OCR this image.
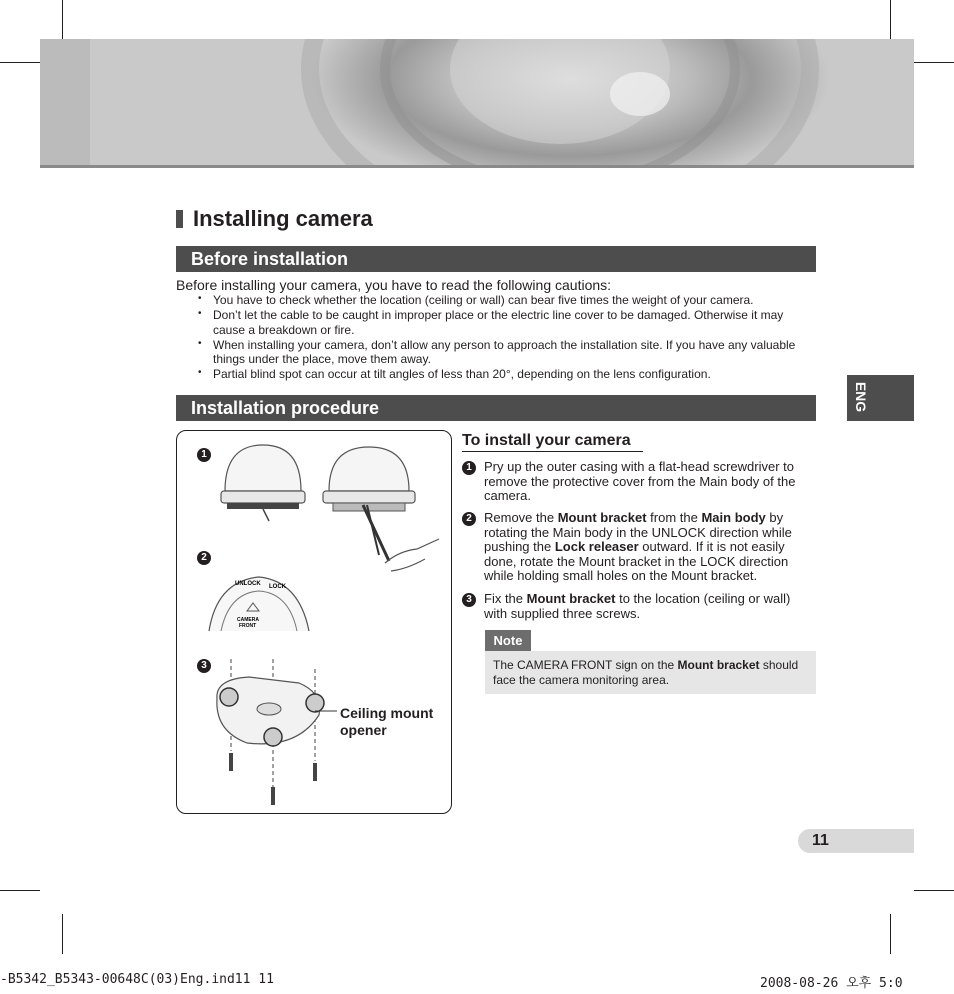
Installing camera
Before installation
Before installing your camera, you have to read the following cautions:
• You have to check whether the location (ceiling or wall) can bear five times the weight of your camera.
• Don’t let the cable to be caught in improper place or the electric line cover to be damaged. Otherwise it may cause a breakdown or fire.
• When installing your camera, don’t allow any person to approach the installation site. If you have any valuable things under the place, move them away.
• Partial blind spot can occur at tilt angles of less than 20°, depending on the lens configuration.
ENG
Installation procedure
1
2
3
UNLOCK LOCK
CAMERA
FRONT
Ceiling mount opener
To install your camera
1 Pry up the outer casing with a flat-head screwdriver to remove the protective cover from the Main body of the camera.
2 Remove the Mount bracket from the Main body by rotating the Main body in the UNLOCK direction while pushing the Lock releaser outward. If it is not easily done, rotate the Mount bracket in the LOCK direction while holding small holes on the Mount bracket.
3 Fix the Mount bracket to the location (ceiling or wall) with supplied three screws.
Note
The CAMERA FRONT sign on the Mount bracket should face the camera monitoring area.
11
-B5342_B5343-00648C(03)Eng.ind11 11	2008-08-26 오후 5:0
